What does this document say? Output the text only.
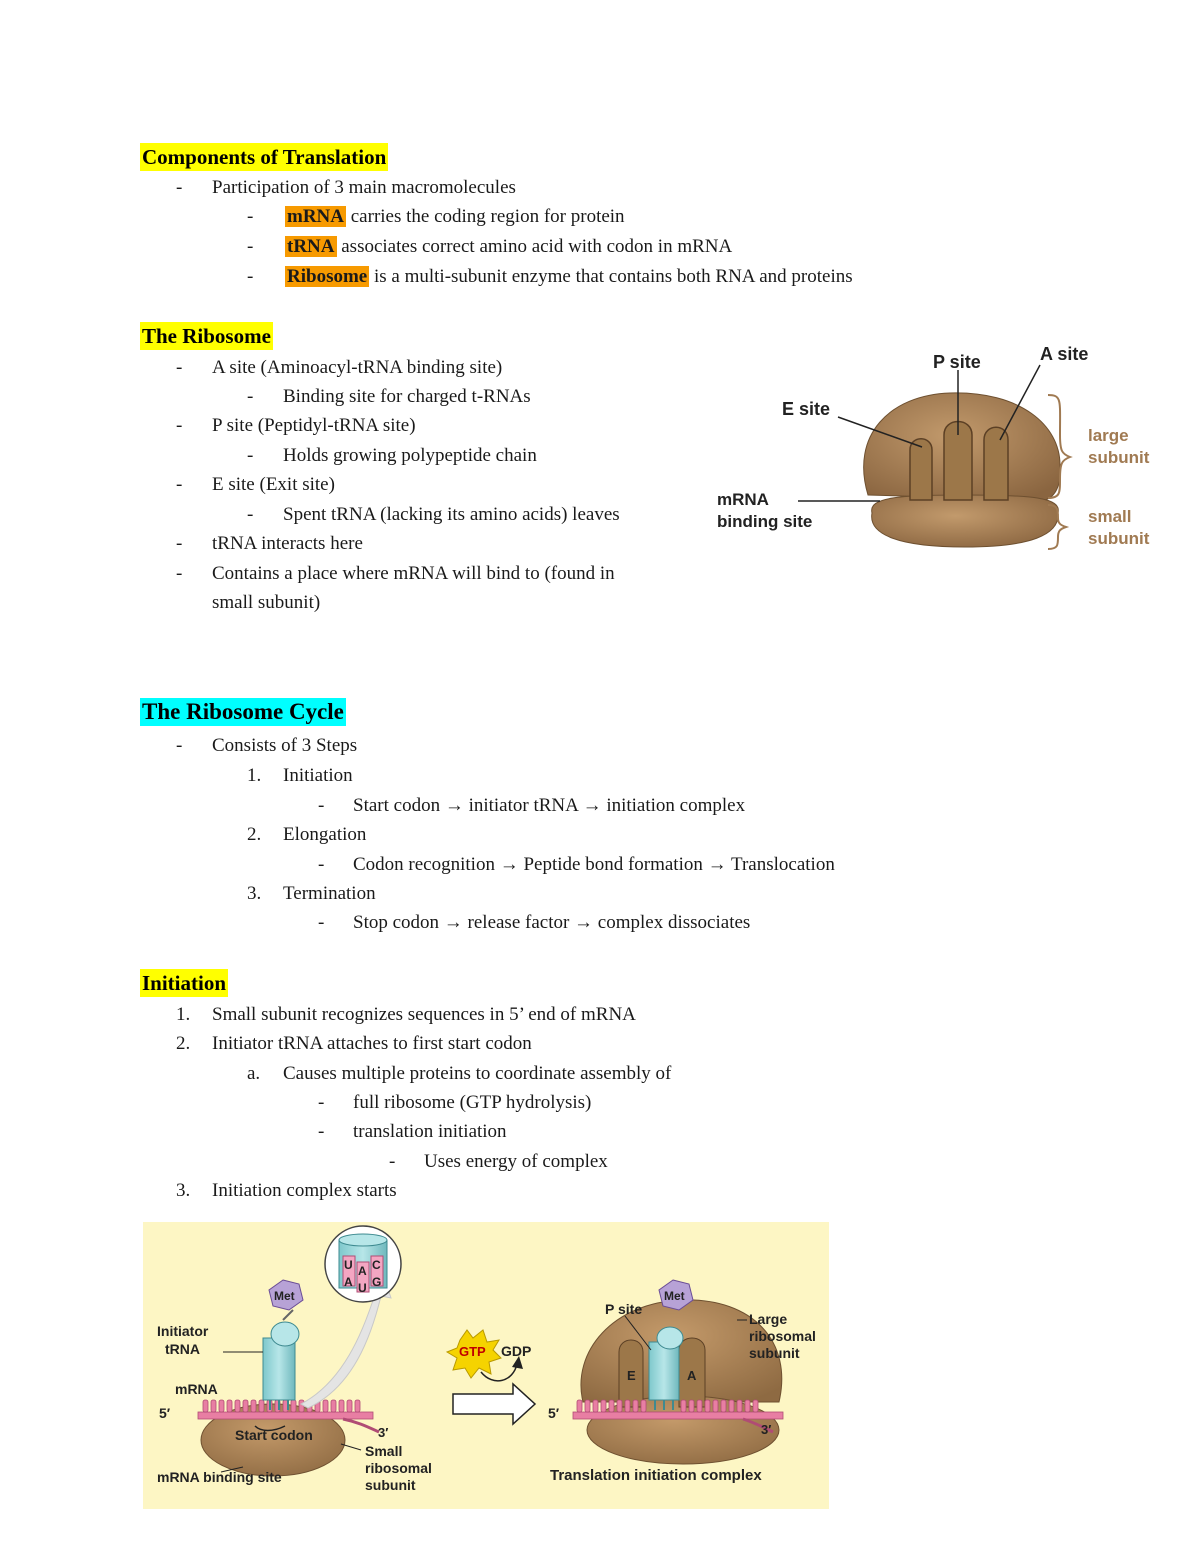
Components of Translation
- Participation of 3 main macromolecules
- mRNA carries the coding region for protein
- tRNA associates correct amino acid with codon in mRNA
- Ribosome is a multi-subunit enzyme that contains both RNA and proteins
The Ribosome
- A site (Aminoacyl-tRNA binding site)
- Binding site for charged t-RNAs
- P site (Peptidyl-tRNA site)
- Holds growing polypeptide chain
- E site (Exit site)
- Spent tRNA (lacking its amino acids) leaves
- tRNA interacts here
- Contains a place where mRNA will bind to (found in
small subunit)
P site	A site
E site
mRNA
binding site
large
subunit
small
subunit
The Ribosome Cycle
- Consists of 3 Steps
1. Initiation
- Start codon → initiator tRNA → initiation complex
2. Elongation
- Codon recognition → Peptide bond formation → Translocation
3. Termination
- Stop codon → release factor → complex dissociates
Initiation
1. Small subunit recognizes sequences in 5’ end of mRNA
2. Initiator tRNA attaches to first start codon
a. Causes multiple proteins to coordinate assembly of
- full ribosome (GTP hydrolysis)
- translation initiation
- Uses energy of complex
3. Initiation complex starts
Met
U A C
A U G
Initiator
tRNA
mRNA
5′
3′
Start codon
mRNA binding site
Small
ribosomal
subunit
GTP GDP
Met
E	A
P site
Large
ribosomal
subunit
5′
3′
Translation initiation complex
